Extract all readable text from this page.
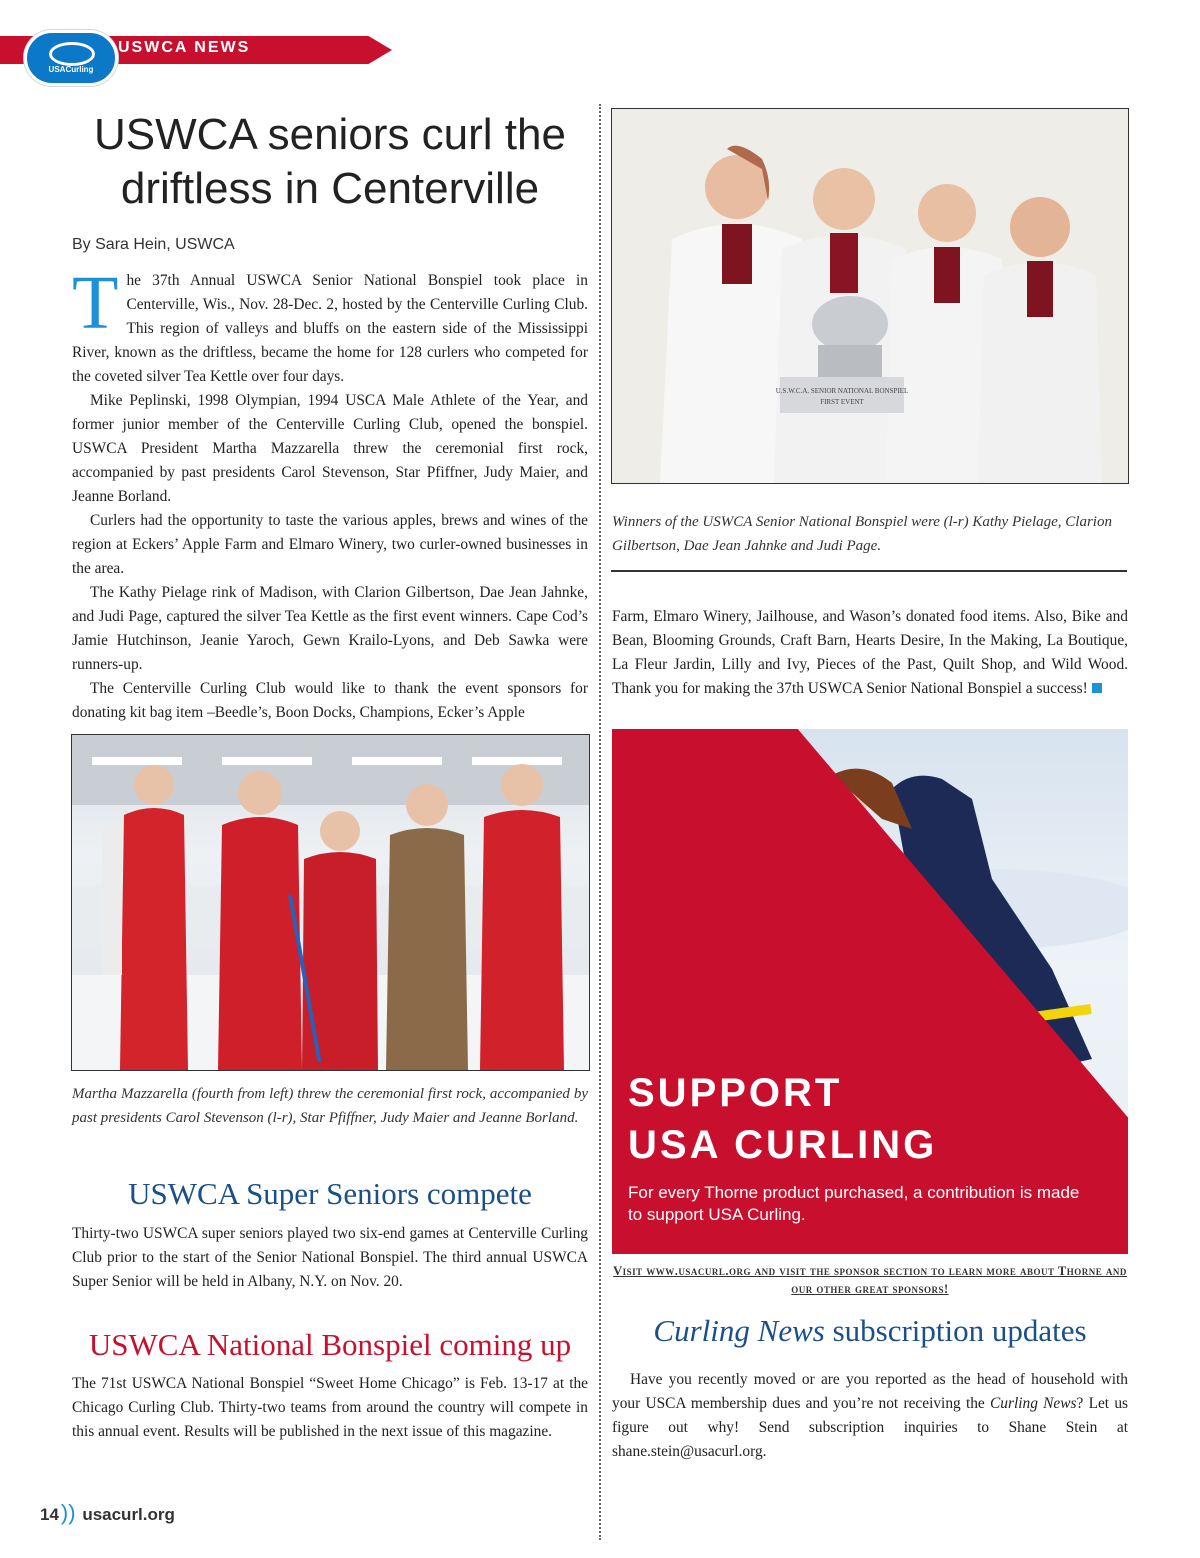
USWCA NEWS
USACurling
USWCA seniors curl the driftless in Centerville
By Sara Hein, USWCA

The 37th Annual USWCA Senior National Bonspiel took place in Centerville, Wis., Nov. 28-Dec. 2, hosted by the Centerville Curling Club. This region of valleys and bluffs on the eastern side of the Mississippi River, known as the driftless, became the home for 128 curlers who competed for the coveted silver Tea Kettle over four days.

Mike Peplinski, 1998 Olympian, 1994 USCA Male Athlete of the Year, and former junior member of the Centerville Curling Club, opened the bonspiel. USWCA President Martha Mazzarella threw the ceremonial first rock, accompanied by past presidents Carol Stevenson, Star Pfiffner, Judy Maier, and Jeanne Borland.

Curlers had the opportunity to taste the various apples, brews and wines of the region at Eckers’ Apple Farm and Elmaro Winery, two curler-owned businesses in the area.

The Kathy Pielage rink of Madison, with Clarion Gilbertson, Dae Jean Jahnke, and Judi Page, captured the silver Tea Kettle as the first event winners. Cape Cod’s Jamie Hutchinson, Jeanie Yaroch, Gewn Krailo-Lyons, and Deb Sawka were runners-up.

The Centerville Curling Club would like to thank the event sponsors for donating kit bag item –Beedle’s, Boon Docks, Champions, Ecker’s Apple

Martha Mazzarella (fourth from left) threw the ceremonial first rock, accompanied by past presidents Carol Stevenson (l-r), Star Pfiffner, Judy Maier and Jeanne Borland.
USWCA Super Seniors compete

Thirty-two USWCA super seniors played two six-end games at Centerville Curling Club prior to the start of the Senior National Bonspiel. The third annual USWCA Super Senior will be held in Albany, N.Y. on Nov. 20.

USWCA National Bonspiel coming up

The 71st USWCA National Bonspiel “Sweet Home Chicago” is Feb. 13-17 at the Chicago Curling Club. Thirty-two teams from around the country will compete in this annual event. Results will be published in the next issue of this magazine.

U.S.W.C.A. SENIOR NATIONAL BONSPIEL
FIRST EVENT
Winners of the USWCA Senior National Bonspiel were (l-r) Kathy Pielage, Clarion Gilbertson, Dae Jean Jahnke and Judi Page.

Farm, Elmaro Winery, Jailhouse, and Wason’s donated food items. Also, Bike and Bean, Blooming Grounds, Craft Barn, Hearts Desire, In the Making, La Boutique, La Fleur Jardin, Lilly and Ivy, Pieces of the Past, Quilt Shop, and Wild Wood. Thank you for making the 37th USWCA Senior National Bonspiel a success!

SUPPORT
USA CURLING
For every Thorne product purchased, a contribution is made to support USA Curling.
Visit www.usacurl.org and visit the sponsor section to learn more about Thorne and our other great sponsors!
Curling News subscription updates

Have you recently moved or are you reported as the head of household with your USCA membership dues and you’re not receiving the Curling News? Let us figure out why! Send subscription inquiries to Shane Stein at shane.stein@usacurl.org.

14)) usacurl.org
